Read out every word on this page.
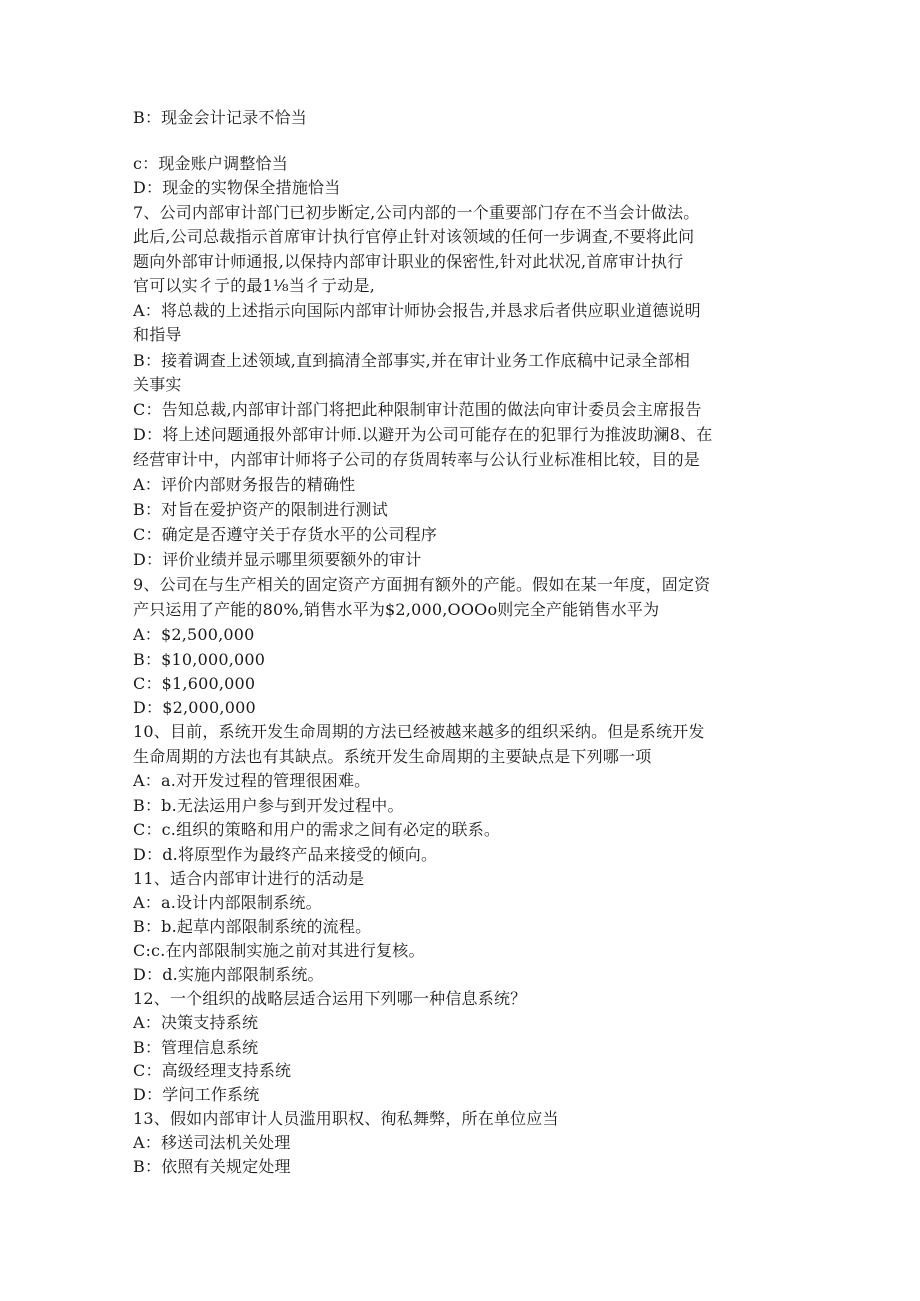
B：现金会计记录不恰当
c：现金账户调整恰当
D：现金的实物保全措施恰当
7、公司内部审计部门已初步断定,公司内部的一个重要部门存在不当会计做法。
此后,公司总裁指示首席审计执行官停止针对该领域的任何一步调查,不要将此问
题向外部审计师通报,以保持内部审计职业的保密性,针对此状况,首席审计执行
官可以实彳亍的最1⅛当彳亍动是,
A：将总裁的上述指示向国际内部审计师协会报告,并恳求后者供应职业道德说明
和指导
B：接着调查上述领域,直到搞清全部事实,并在审计业务工作底稿中记录全部相
关事实
C：告知总裁,内部审计部门将把此种限制审计范围的做法向审计委员会主席报告
D：将上述问题通报外部审计师.以避开为公司可能存在的犯罪行为推波助澜8、在
经营审计中，内部审计师将子公司的存货周转率与公认行业标准相比较，目的是
A：评价内部财务报告的精确性
B：对旨在爱护资产的限制进行测试
C：确定是否遵守关于存货水平的公司程序
D：评价业绩并显示哪里须要额外的审计
9、公司在与生产相关的固定资产方面拥有额外的产能。假如在某一年度，固定资
产只运用了产能的80%,销售水平为$2,000,OOOo则完全产能销售水平为
A：$2,500,000
B：$10,000,000
C：$1,600,000
D：$2,000,000
10、目前，系统开发生命周期的方法已经被越来越多的组织采纳。但是系统开发
生命周期的方法也有其缺点。系统开发生命周期的主要缺点是下列哪一项
A：a.对开发过程的管理很困难。
B：b.无法运用户参与到开发过程中。
C：c.组织的策略和用户的需求之间有必定的联系。
D：d.将原型作为最终产品来接受的倾向。
11、适合内部审计进行的活动是
A：a.设计内部限制系统。
B：b.起草内部限制系统的流程。
C:c.在内部限制实施之前对其进行复核。
D：d.实施内部限制系统。
12、一个组织的战略层适合运用下列哪一种信息系统？
A：决策支持系统
B：管理信息系统
C：高级经理支持系统
D：学问工作系统
13、假如内部审计人员滥用职权、徇私舞弊，所在单位应当
A：移送司法机关处理
B：依照有关规定处理
